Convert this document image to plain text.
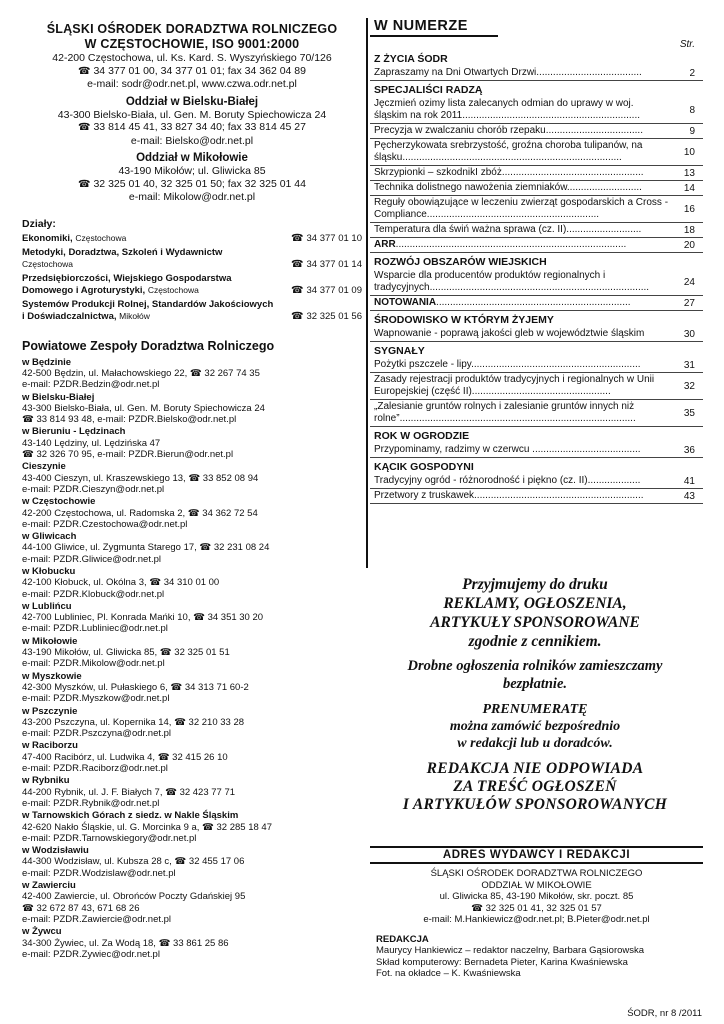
ŚLĄSKI OŚRODEK DORADZTWA ROLNICZEGO
W CZĘSTOCHOWIE, ISO 9001:2000
42-200 Częstochowa, ul. Ks. Kard. S. Wyszyńskiego 70/126
☎ 34 377 01 00, 34 377 01 01; fax 34 362 04 89
e-mail: sodr@odr.net.pl, www.czwa.odr.net.pl
Oddział w Bielsku-Białej
43-300 Bielsko-Biała, ul. Gen. M. Boruty Spiechowicza 24
☎ 33 814 45 41, 33 827 34 40; fax 33 814 45 27
e-mail: Bielsko@odr.net.pl
Oddział w Mikołowie
43-190 Mikołów; ul. Gliwicka 85
☎ 32 325 01 40, 32 325 01 50; fax 32 325 01 44
e-mail: Mikolow@odr.net.pl
Działy:
Ekonomiki, Częstochowa	☎ 34 377 01 10
Metodyki, Doradztwa, Szkoleń i Wydawnictw
Częstochowa	☎ 34 377 01 14
Przedsiębiorczości, Wiejskiego Gospodarstwa Domowego i Agroturystyki, Częstochowa	☎ 34 377 01 09
Systemów Produkcji Rolnej, Standardów Jakościowych i Doświadczalnictwa, Mikołów	☎ 32 325 01 56
Powiatowe Zespoły Doradztwa Rolniczego
w Będzinie
42-500 Będzin, ul. Małachowskiego 22, ☎ 32 267 74 35
e-mail: PZDR.Bedzin@odr.net.pl
w Bielsku-Białej
43-300 Bielsko-Biała, ul. Gen. M. Boruty Spiechowicza 24
☎ 33 814 93 48, e-mail: PZDR.Bielsko@odr.net.pl
w Bieruniu - Lędzinach
43-140 Lędziny, ul. Lędzińska 47
☎ 32 326 70 95, e-mail: PZDR.Bierun@odr.net.pl
Cieszynie
43-400 Cieszyn, ul. Kraszewskiego 13, ☎ 33 852 08 94
e-mail: PZDR.Cieszyn@odr.net.pl
w Częstochowie
42-200 Częstochowa, ul. Radomska 2, ☎ 34 362 72 54
e-mail: PZDR.Czestochowa@odr.net.pl
w Gliwicach
44-100 Gliwice, ul. Zygmunta Starego 17, ☎ 32 231 08 24
e-mail: PZDR.Gliwice@odr.net.pl
w Kłobucku
42-100 Kłobuck, ul. Okólna 3, ☎ 34 310 01 00
e-mail: PZDR.Klobuck@odr.net.pl
w Lublińcu
42-700 Lubliniec, Pl. Konrada Mańki 10, ☎ 34 351 30 20
e-mail: PZDR.Lubliniec@odr.net.pl
w Mikołowie
43-190 Mikołów, ul. Gliwicka 85, ☎ 32 325 01 51
e-mail: PZDR.Mikolow@odr.net.pl
w Myszkowie
42-300 Myszków, ul. Pułaskiego 6, ☎ 34 313 71 60-2
e-mail: PZDR.Myszkow@odr.net.pl
w Pszczynie
43-200 Pszczyna, ul. Kopernika 14, ☎ 32 210 33 28
e-mail: PZDR.Pszczyna@odr.net.pl
w Raciborzu
47-400 Racibórz, ul. Ludwika 4, ☎ 32 415 26 10
e-mail: PZDR.Raciborz@odr.net.pl
w Rybniku
44-200 Rybnik, ul. J. F. Białych 7, ☎ 32 423 77 71
e-mail: PZDR.Rybnik@odr.net.pl
w Tarnowskich Górach z siedz. w Nakle Śląskim
42-620 Nakło Śląskie, ul. G. Morcinka 9 a, ☎ 32 285 18 47
e-mail: PZDR.Tarnowskiegory@odr.net.pl
w Wodzisławiu
44-300 Wodzisław, ul. Kubsza 28 c, ☎ 32 455 17 06
e-mail: PZDR.Wodzislaw@odr.net.pl
w Zawierciu
42-400 Zawiercie, ul. Obrońców Poczty Gdańskiej 95
☎ 32 672 87 43, 671 68 26
e-mail: PZDR.Zawiercie@odr.net.pl
w Żywcu
34-300 Żywiec, ul. Za Wodą 18, ☎ 33 861 25 86
e-mail: PZDR.Zywiec@odr.net.pl
W NUMERZE
Str.
Z ŻYCIA ŚODR
Zapraszamy na Dni Otwartych Drzwi......................................	2
SPECJALIŚCI RADZĄ
Jęczmień ozimy lista zalecanych odmian do uprawy w woj. śląskim na rok 2011................................................................	8
Precyzja w zwalczaniu chorób rzepaku...................................	9
Pęcherzykowata srebrzystość, groźna choroba tulipanów, na śląsku...............................................................................	10
Skrzypionki – szkodnikI zbóż...................................................	13
Technika dolistnego nawożenia ziemniaków...........................	14
Reguły obowiązujące w leczeniu zwierząt gospodarskich a Cross - Compliance..............................................................	16
Temperatura dla świń ważna sprawa (cz. II)...........................	18
ARR...................................................................................	20
ROZWÓJ OBSZARÓW WIEJSKICH
Wsparcie dla producentów produktów regionalnych i tradycyjnych...............................................................................	24
NOTOWANIA......................................................................	27
ŚRODOWISKO W KTÓRYM ŻYJEMY
Wapnowanie - poprawą jakości gleb w województwie śląskim	30
SYGNAŁY
Pożytki pszczele - lipy.............................................................	31
Zasady rejestracji produktów tradycyjnych i regionalnych w Unii Europejskiej (część II)..................................................	32
„Zalesianie gruntów rolnych i zalesianie gruntów innych niż rolne”.....................................................................................	35
ROK W OGRODZIE
Przypominamy, radzimy w czerwcu .......................................	36
KĄCIK GOSPODYNI
Tradycyjny ogród - różnorodność i piękno (cz. II)...................	41
Przetwory z truskawek.............................................................	43
Przyjmujemy do druku
REKLAMY, OGŁOSZENIA,
ARTYKUŁY SPONSOROWANE
zgodnie z cennikiem.
Drobne ogłoszenia rolników zamieszczamy
bezpłatnie.
PRENUMERATĘ
można zamówić bezpośrednio
w redakcji lub u doradców.
REDAKCJA NIE ODPOWIADA
ZA TREŚĆ OGŁOSZEŃ
I ARTYKUŁÓW SPONSOROWANYCH
ADRES WYDAWCY I REDAKCJI
ŚLĄSKI OŚRODEK DORADZTWA ROLNICZEGO
ODDZIAŁ W MIKOŁOWIE
ul. Gliwicka 85, 43-190 Mikołów, skr. poczt. 85
☎ 32 325 01 41, 32 325 01 57
e-mail: M.Hankiewicz@odr.net.pl; B.Pieter@odr.net.pl
REDAKCJA
Maurycy Hankiewicz – redaktor naczelny, Barbara Gąsiorowska
Skład komputerowy: Bernadeta Pieter, Karina Kwaśniewska
Fot. na okładce – K. Kwaśniewska
ŚODR, nr 8 /2011
